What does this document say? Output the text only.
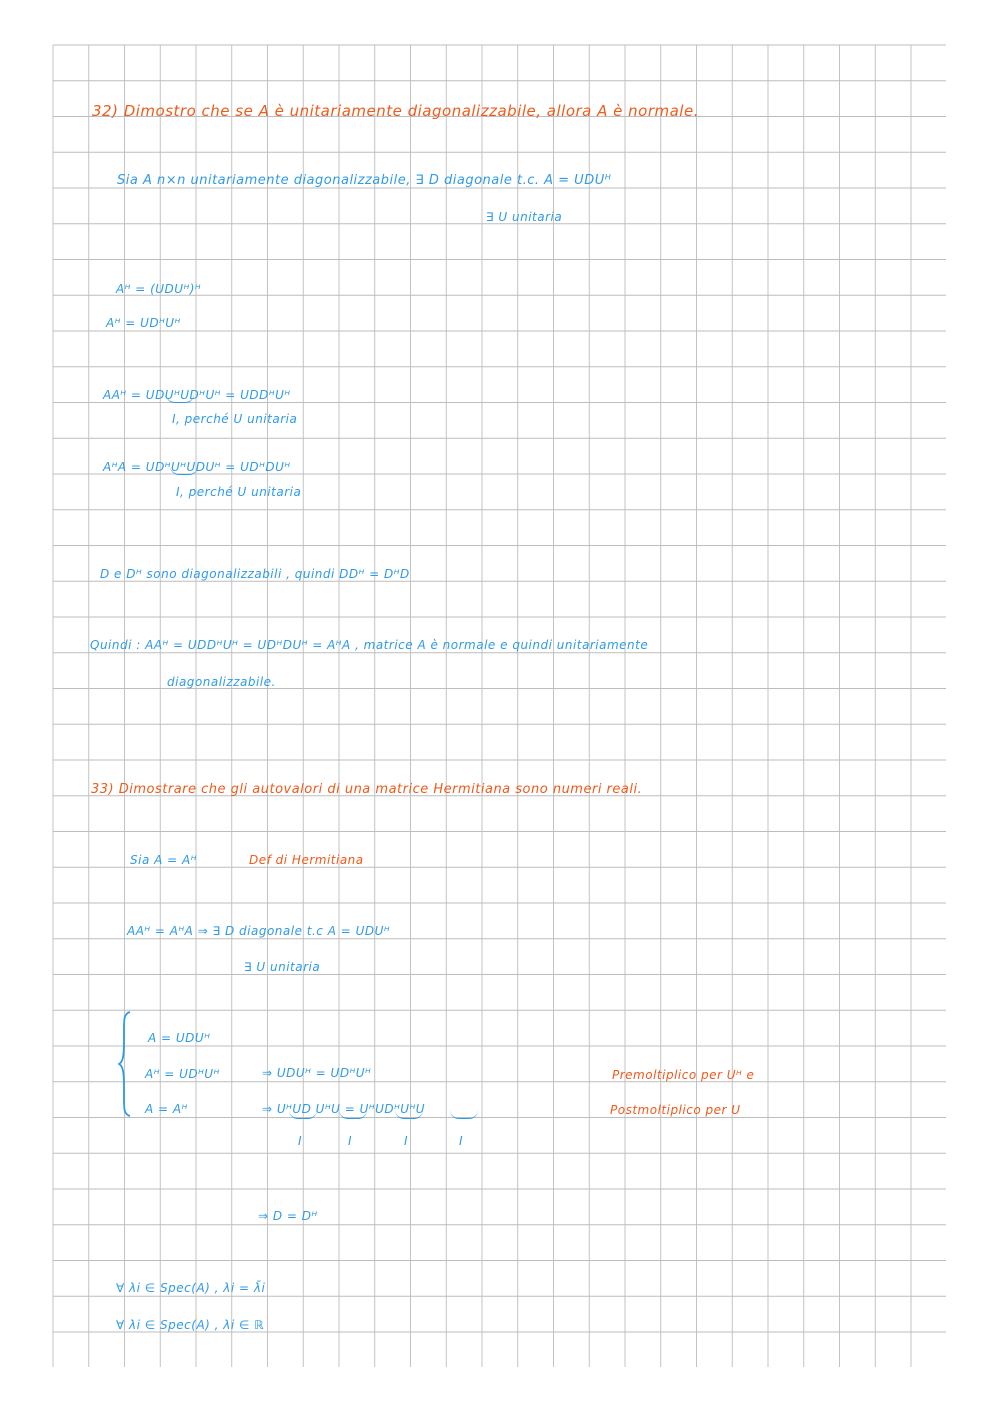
32) Dimostro che se A è unitariamente diagonalizzabile, allora A è normale.
Sia A n×n unitariamente diagonalizzabile, ∃ D diagonale t.c. A = UDUᴴ
∃ U unitaria
Aᴴ = (UDUᴴ)ᴴ
Aᴴ = UDᴴUᴴ
AAᴴ = UDUᴴUDᴴUᴴ = UDDᴴUᴴ
I, perché U unitaria
AᴴA = UDᴴUᴴUDUᴴ = UDᴴDUᴴ
I, perché U unitaria
D e Dᴴ sono diagonalizzabili , quindi DDᴴ = DᴴD
Quindi : AAᴴ = UDDᴴUᴴ = UDᴴDUᴴ = AᴴA , matrice A è normale e quindi unitariamente
diagonalizzabile.
33) Dimostrare che gli autovalori di una matrice Hermitiana sono numeri reali.
Sia A = Aᴴ	Def di Hermitiana
AAᴴ = AᴴA ⇒ ∃ D diagonale t.c A = UDUᴴ
∃ U unitaria
A = UDUᴴ
Aᴴ = UDᴴUᴴ
A = Aᴴ
⇒ UDUᴴ = UDᴴUᴴ
⇒ UᴴUD UᴴU = UᴴUDᴴUᴴU
I	I	I	I
Premoltiplico per Uᴴ e
Postmoltiplico per U
⇒ D = Dᴴ
∀ λi ∈ Spec(A) , λi = λ̄i
∀ λi ∈ Spec(A) , λi ∈ ℝ
